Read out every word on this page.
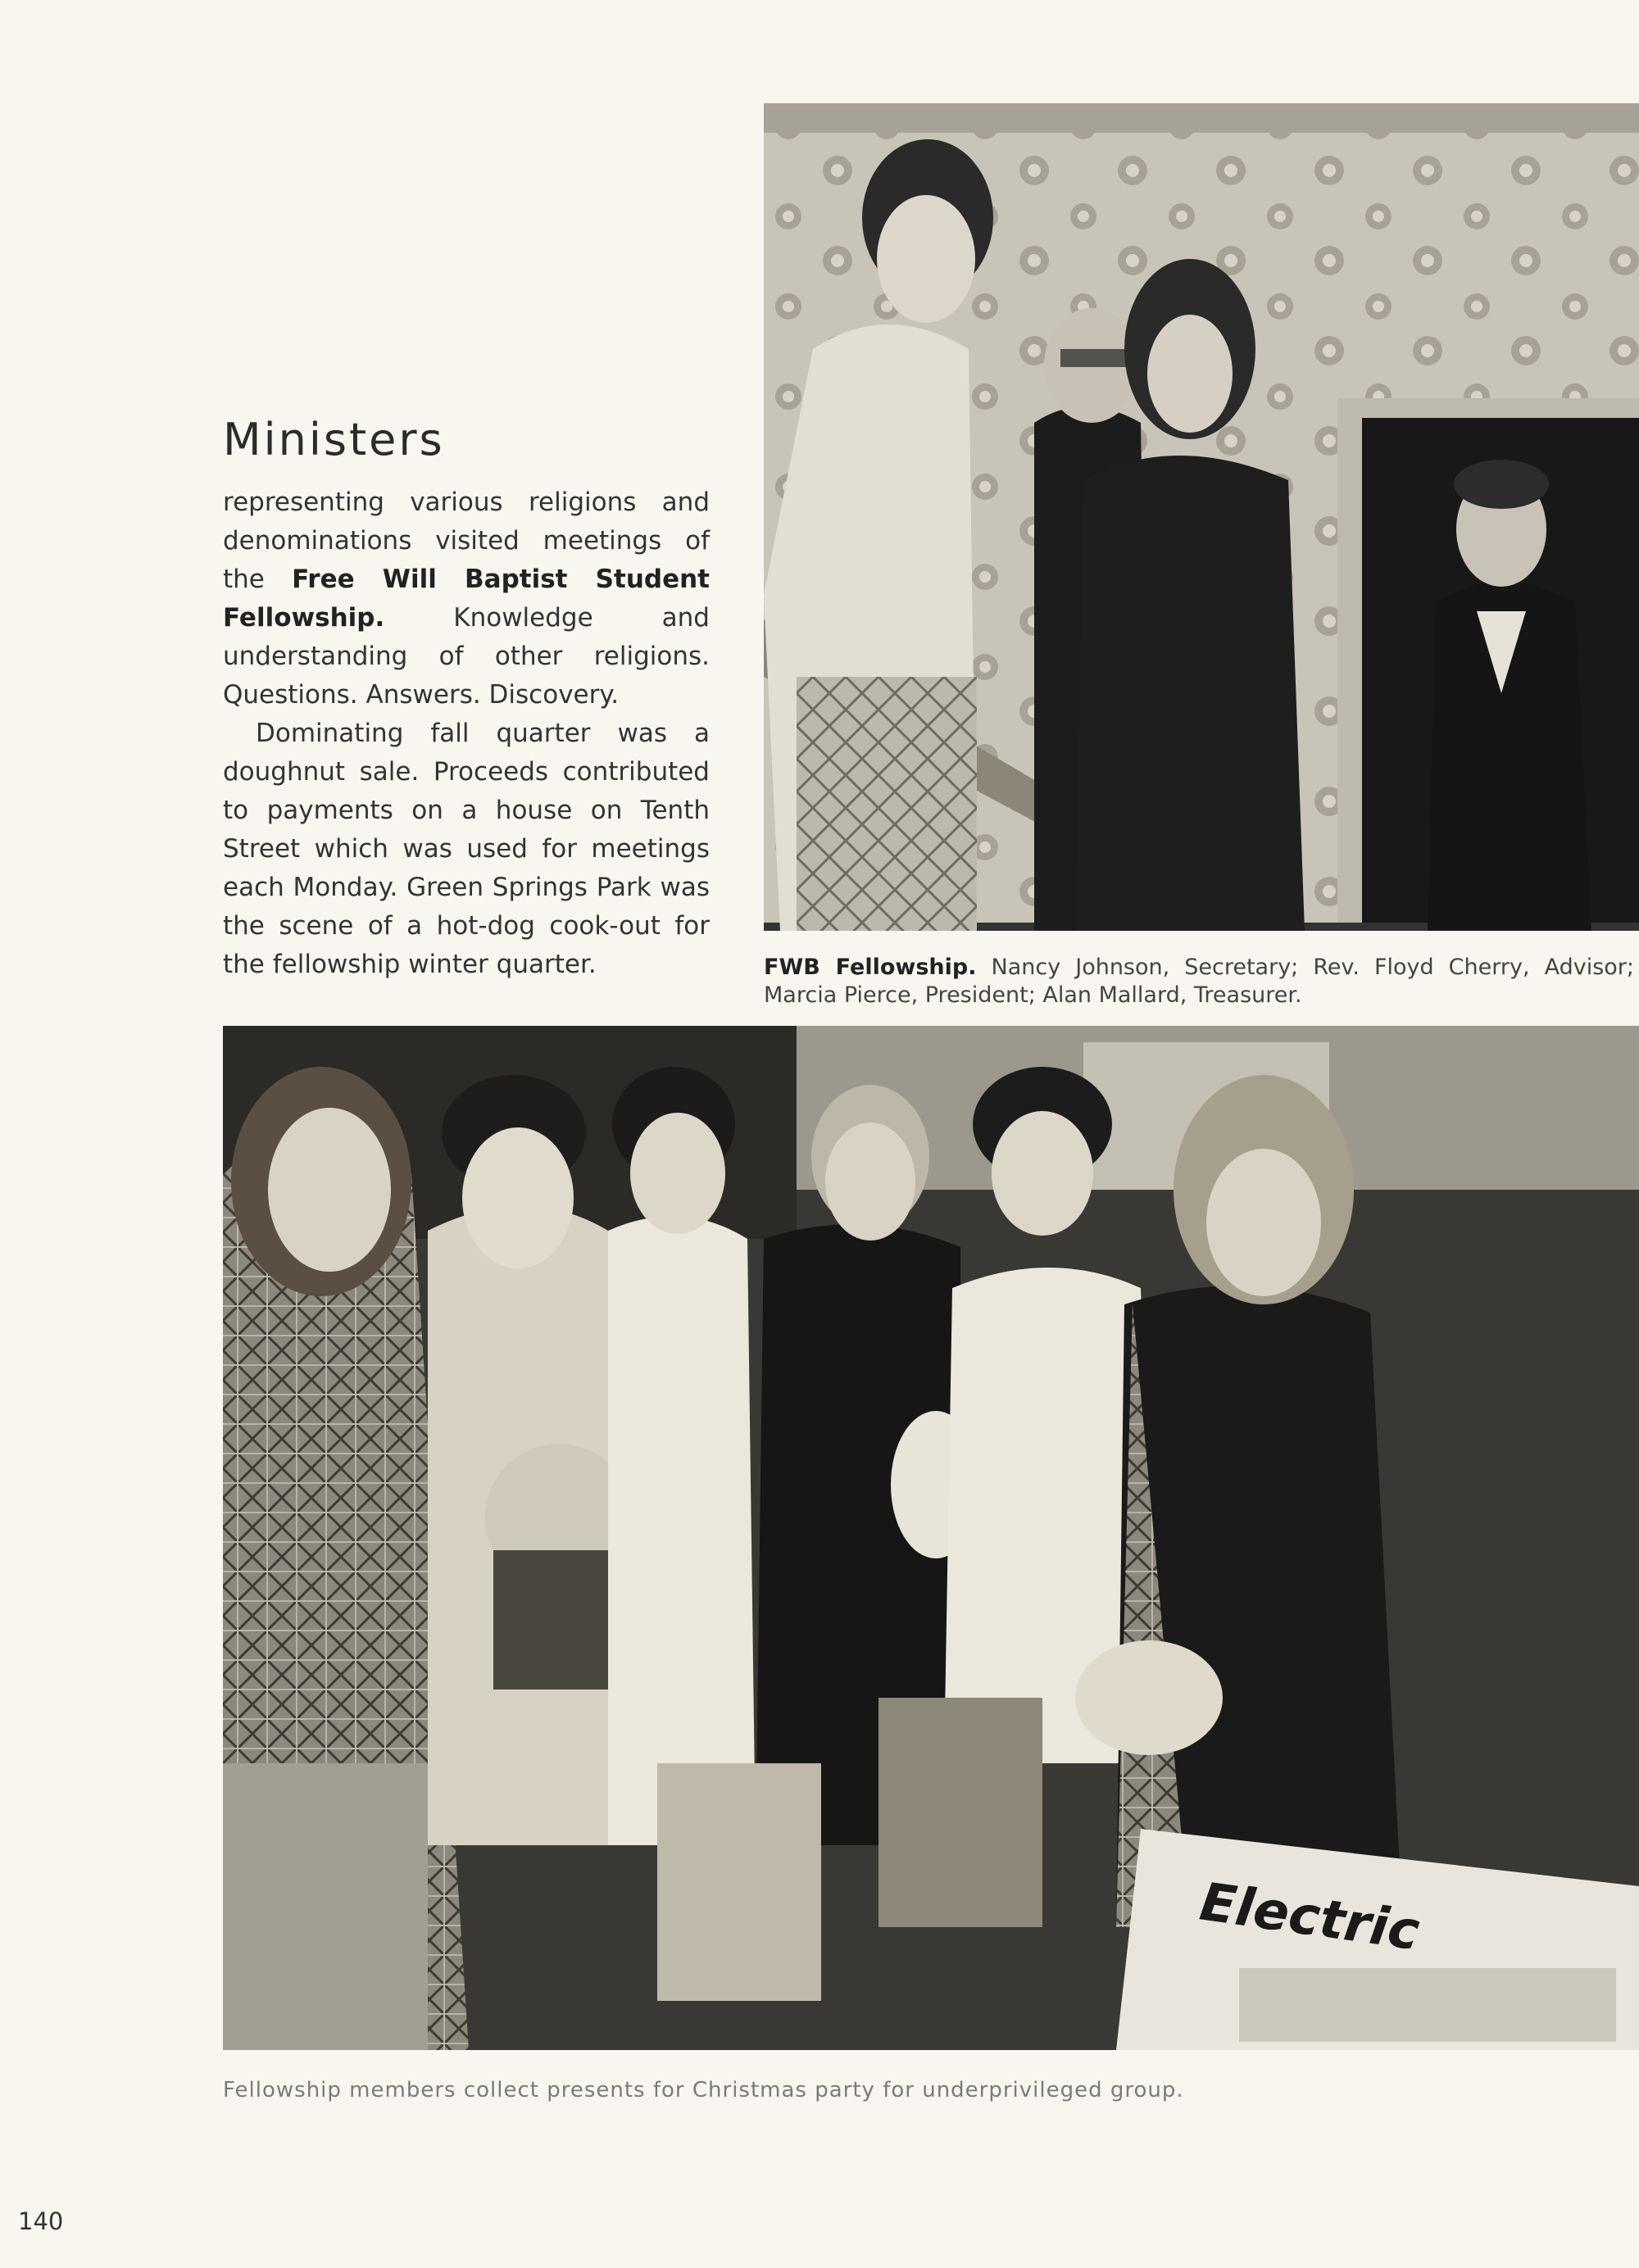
Ministers

representing various religions and denominations visited meetings of the Free Will Baptist Student Fellowship. Knowledge and understanding of other religions. Questions. Answers. Discovery.

Dominating fall quarter was a doughnut sale. Proceeds contributed to payments on a house on Tenth Street which was used for meetings each Monday. Green Springs Park was the scene of a hot-dog cook-out for the fellowship winter quarter.	FWB Fellowship. Nancy Johnson, Secretary; Rev. Floyd Cherry, Advisor; Marcia Pierce, President; Alan Mallard, Treasurer.

Electric

Fellowship members collect presents for Christmas party for underprivileged group.

140
